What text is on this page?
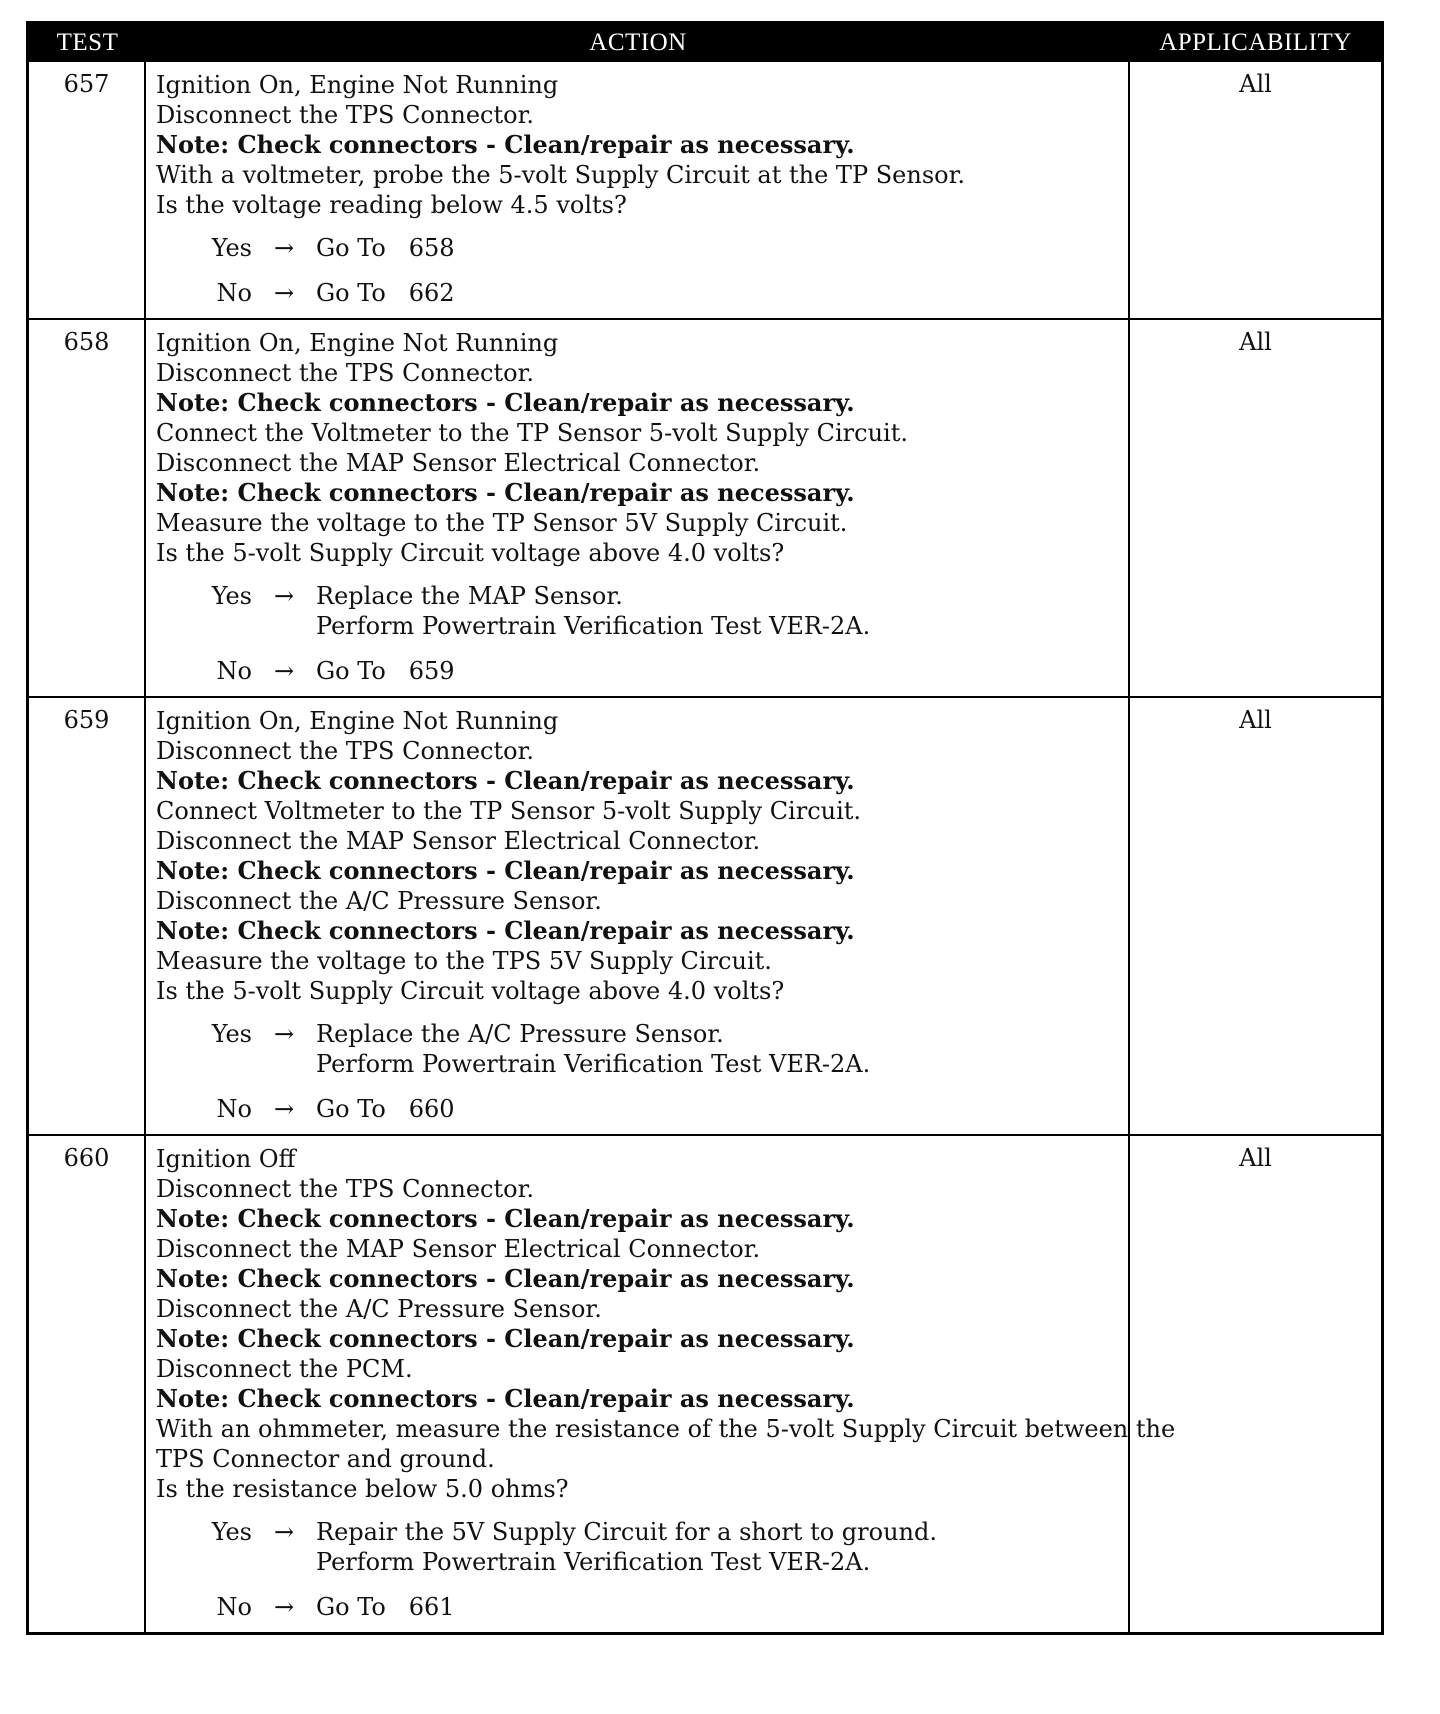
TEST	ACTION	APPLICABILITY
657	Ignition On, Engine Not Running
Disconnect the TPS Connector.
Note: Check connectors - Clean/repair as necessary.
With a voltmeter, probe the 5-volt Supply Circuit at the TP Sensor.
Is the voltage reading below 4.5 volts?
Yes → Go To   658
No → Go To   662
All
658	Ignition On, Engine Not Running
Disconnect the TPS Connector.
Note: Check connectors - Clean/repair as necessary.
Connect the Voltmeter to the TP Sensor 5-volt Supply Circuit.
Disconnect the MAP Sensor Electrical Connector.
Note: Check connectors - Clean/repair as necessary.
Measure the voltage to the TP Sensor 5V Supply Circuit.
Is the 5-volt Supply Circuit voltage above 4.0 volts?
Yes → Replace the MAP Sensor.
Perform Powertrain Verification Test VER-2A.
No → Go To   659
All
659	Ignition On, Engine Not Running
Disconnect the TPS Connector.
Note: Check connectors - Clean/repair as necessary.
Connect Voltmeter to the TP Sensor 5-volt Supply Circuit.
Disconnect the MAP Sensor Electrical Connector.
Note: Check connectors - Clean/repair as necessary.
Disconnect the A/C Pressure Sensor.
Note: Check connectors - Clean/repair as necessary.
Measure the voltage to the TPS 5V Supply Circuit.
Is the 5-volt Supply Circuit voltage above 4.0 volts?
Yes → Replace the A/C Pressure Sensor.
Perform Powertrain Verification Test VER-2A.
No → Go To   660
All
660	Ignition Off
Disconnect the TPS Connector.
Note: Check connectors - Clean/repair as necessary.
Disconnect the MAP Sensor Electrical Connector.
Note: Check connectors - Clean/repair as necessary.
Disconnect the A/C Pressure Sensor.
Note: Check connectors - Clean/repair as necessary.
Disconnect the PCM.
Note: Check connectors - Clean/repair as necessary.
With an ohmmeter, measure the resistance of the 5-volt Supply Circuit between the
TPS Connector and ground.
Is the resistance below 5.0 ohms?
Yes → Repair the 5V Supply Circuit for a short to ground.
Perform Powertrain Verification Test VER-2A.
No → Go To   661
All
